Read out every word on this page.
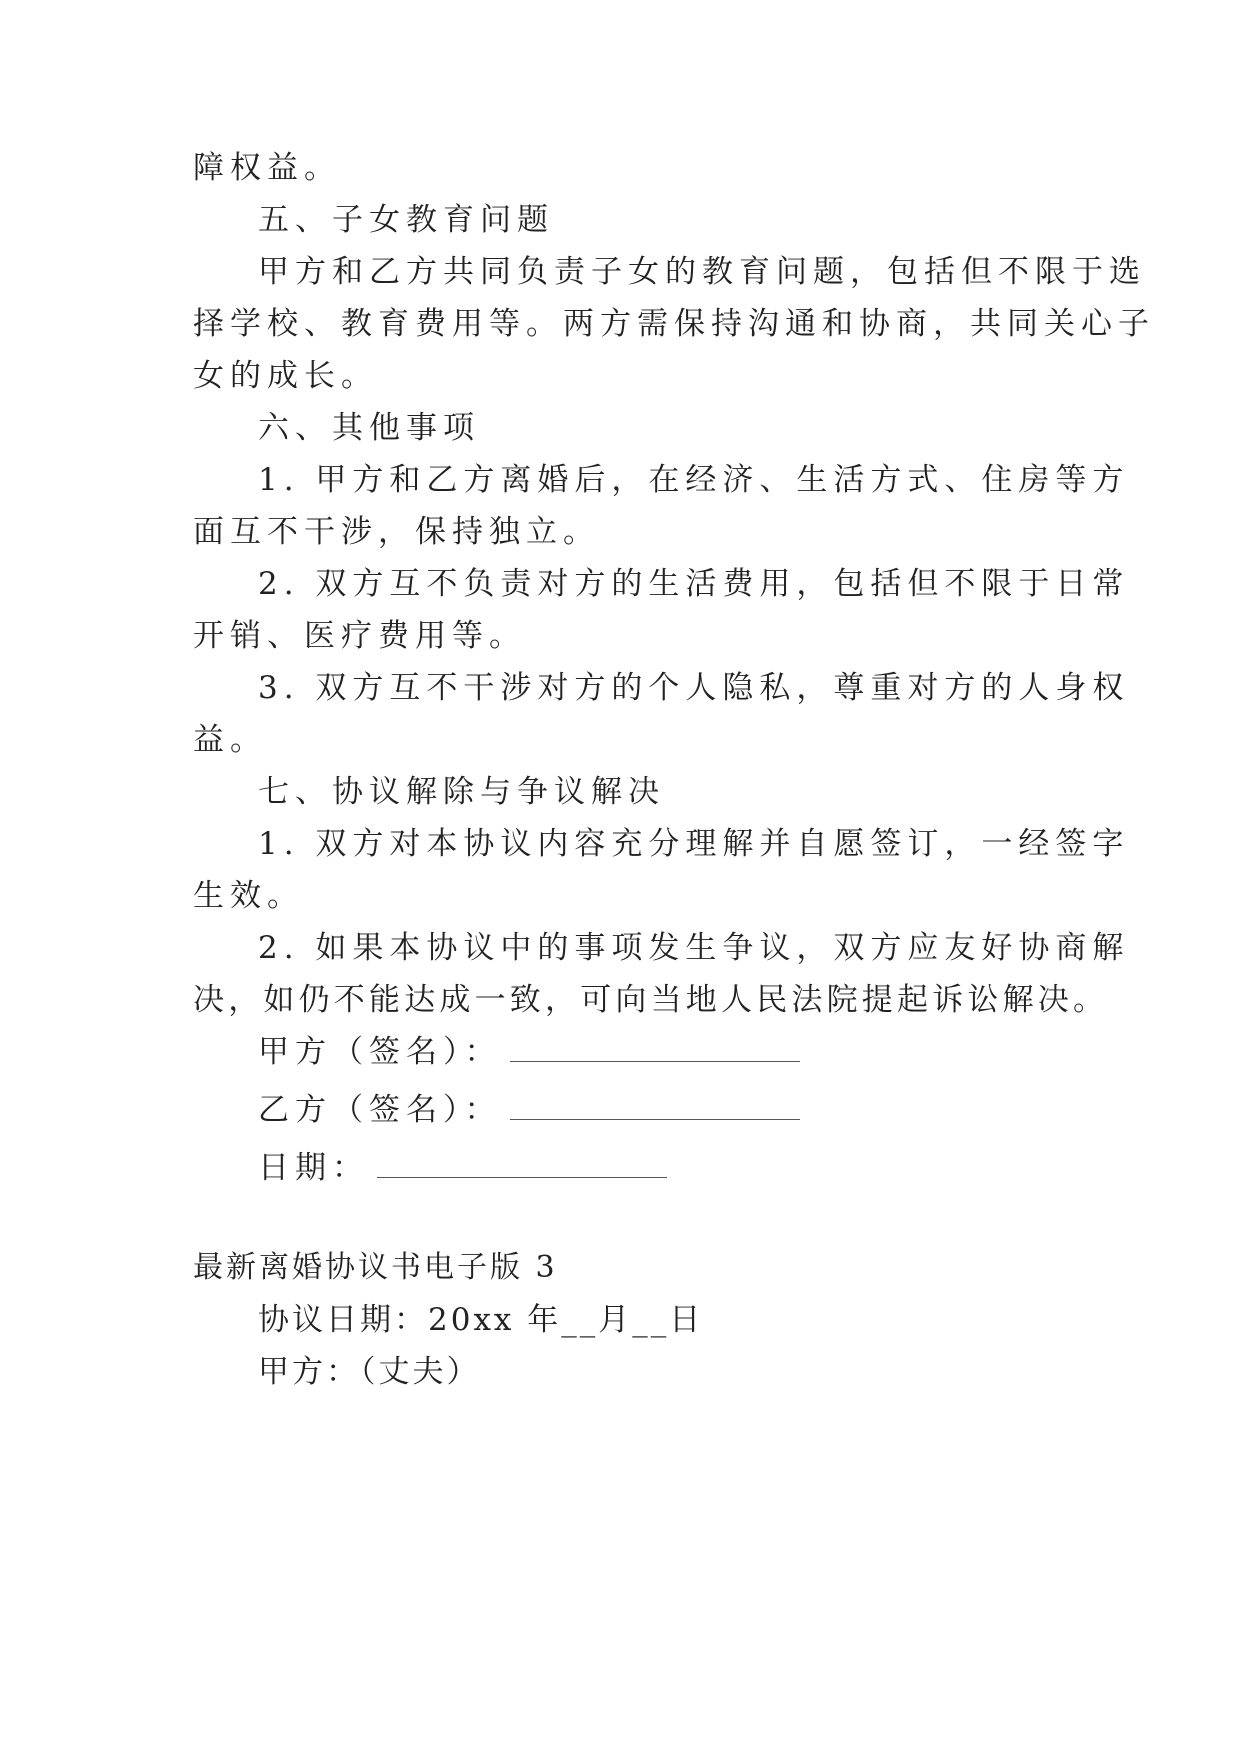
障权益。
五、子女教育问题
甲方和乙方共同负责子女的教育问题，包括但不限于选
择学校、教育费用等。两方需保持沟通和协商，共同关心子
女的成长。
六、其他事项
1. 甲方和乙方离婚后，在经济、生活方式、住房等方
面互不干涉，保持独立。
2. 双方互不负责对方的生活费用，包括但不限于日常
开销、医疗费用等。
3. 双方互不干涉对方的个人隐私，尊重对方的人身权
益。
七、协议解除与争议解决
1. 双方对本协议内容充分理解并自愿签订，一经签字
生效。
2. 如果本协议中的事项发生争议，双方应友好协商解
决，如仍不能达成一致，可向当地人民法院提起诉讼解决。
甲方（签名）：
乙方（签名）：
日期：
最新离婚协议书电子版 3
协议日期：20xx 年__月__日
甲方：（丈夫）
